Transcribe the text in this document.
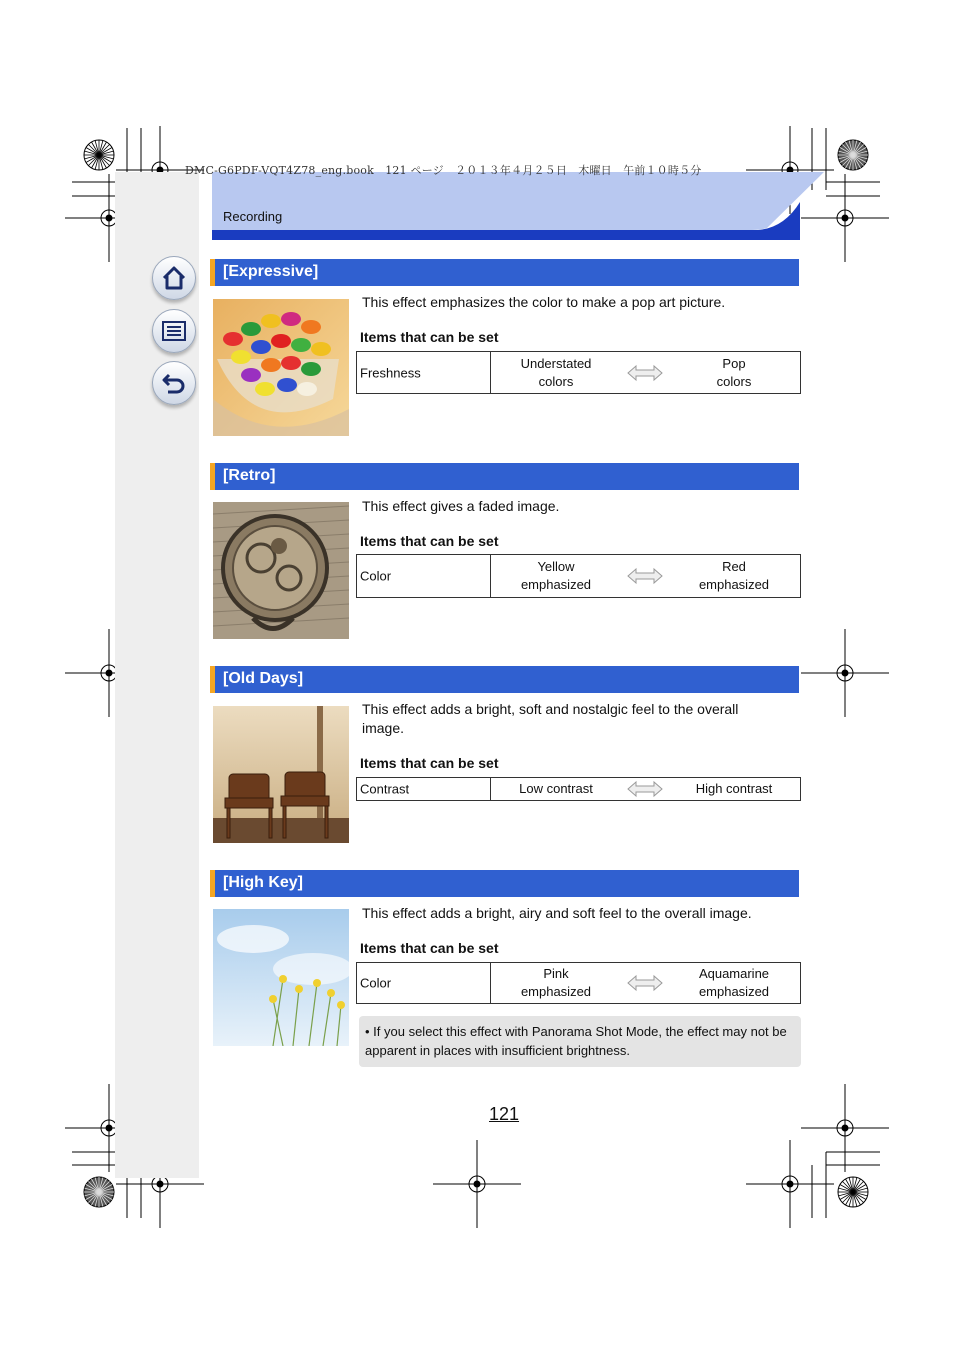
DMC-G6PDF-VQT4Z78_eng.book　121 ページ　２０１３年４月２５日　木曜日　午前１０時５分
Recording
[Expressive]
This effect emphasizes the color to make a pop art picture.
Items that can be set
Freshness
Understated
colors
Pop
colors
[Retro]
This effect gives a faded image.
Items that can be set
Color
Yellow
emphasized
Red
emphasized
[Old Days]
This effect adds a bright, soft and nostalgic feel to the overall image.
Items that can be set
Contrast	Low contrast	High contrast
[High Key]
This effect adds a bright, airy and soft feel to the overall image.
Items that can be set
Color
Pink
emphasized
Aquamarine
emphasized
• If you select this effect with Panorama Shot Mode, the effect may not be apparent in places with insufficient brightness.
121
